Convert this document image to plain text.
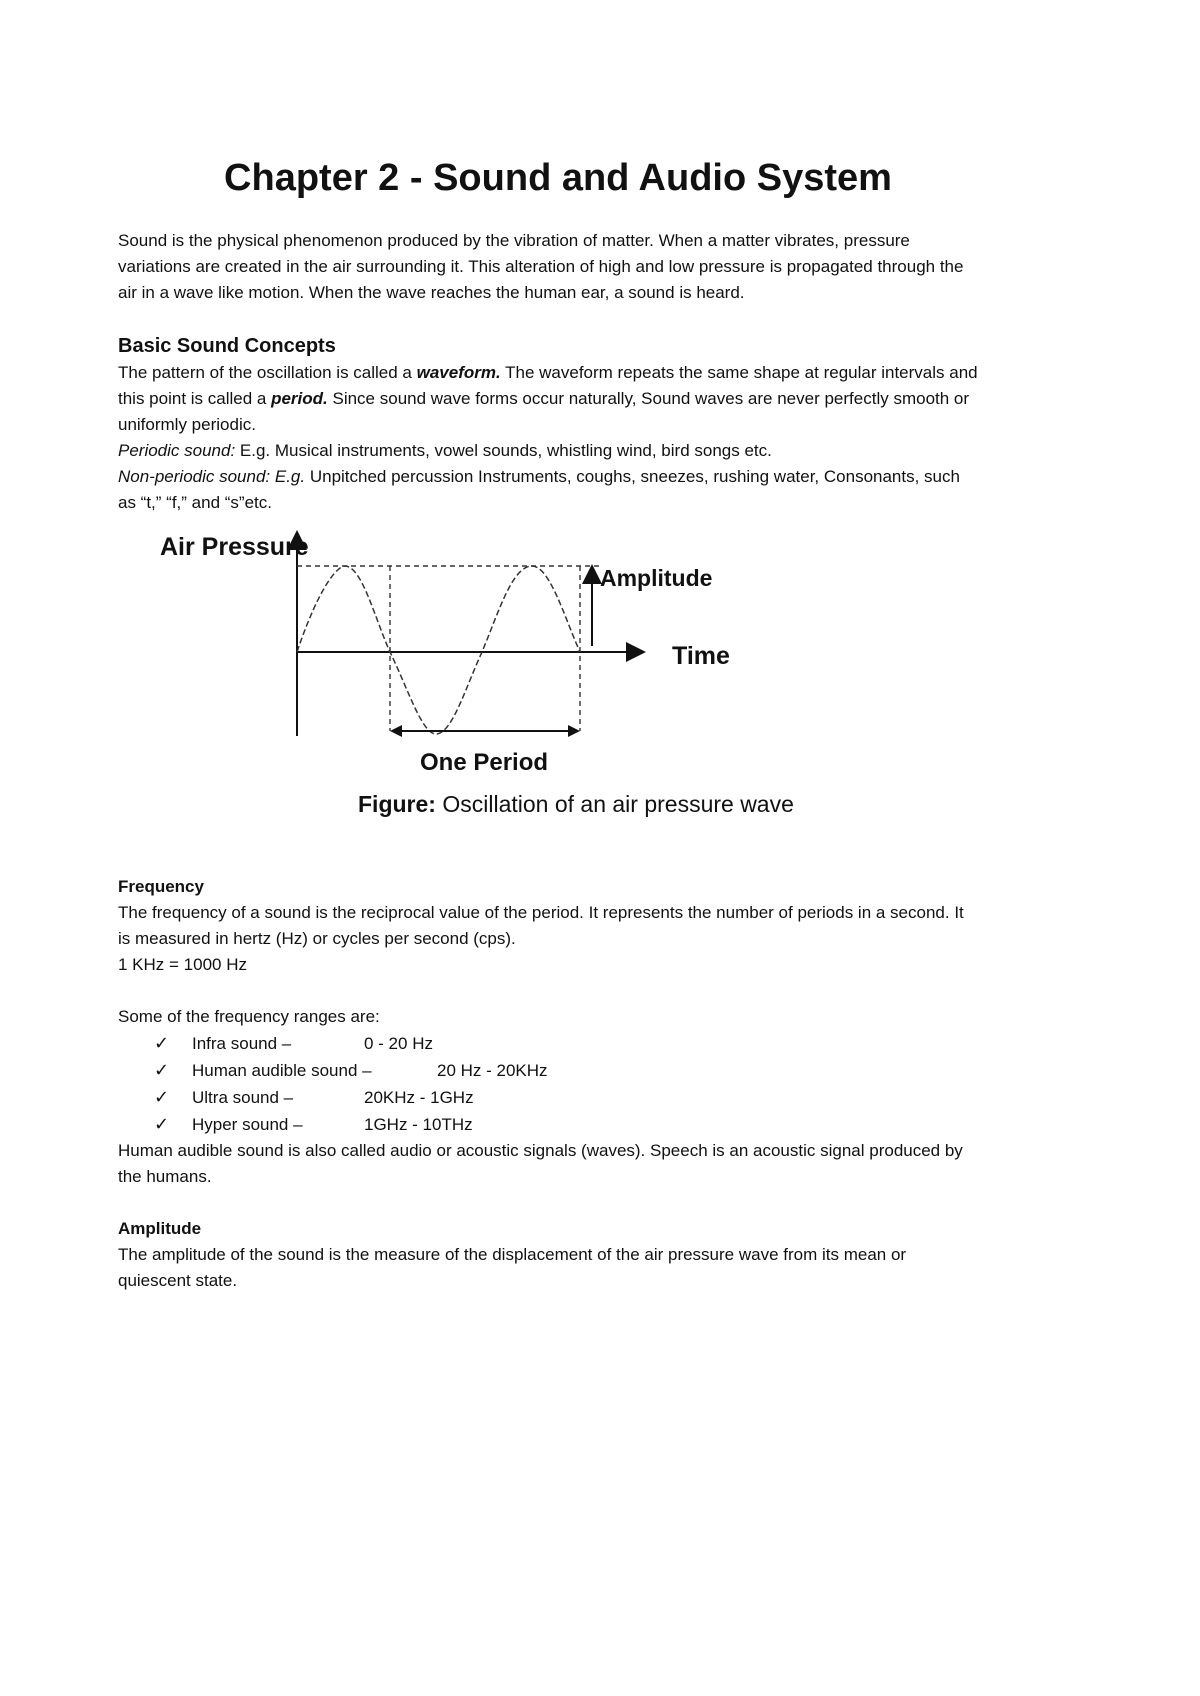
Chapter 2 - Sound and Audio System

Sound is the physical phenomenon produced by the vibration of matter. When a matter vibrates, pressure variations are created in the air surrounding it. This alteration of high and low pressure is propagated through the air in a wave like motion. When the wave reaches the human ear, a sound is heard.

Basic Sound Concepts

The pattern of the oscillation is called a waveform. The waveform repeats the same shape at regular intervals and this point is called a period. Since sound wave forms occur naturally, Sound waves are never perfectly smooth or uniformly periodic.

Periodic sound: E.g. Musical instruments, vowel sounds, whistling wind, bird songs etc.

Non-periodic sound: E.g. Unpitched percussion Instruments, coughs, sneezes, rushing water, Consonants, such as “t,” “f,” and “s”etc.

Air Pressure
Time
Amplitude
One Period
Figure: Oscillation of an air pressure wave
Frequency

The frequency of a sound is the reciprocal value of the period. It represents the number of periods in a second. It is measured in hertz (Hz) or cycles per second (cps).

1 KHz = 1000 Hz

Some of the frequency ranges are:

✓	Infra sound –	0 - 20 Hz
✓	Human audible sound –	20 Hz - 20KHz
✓	Ultra sound –	20KHz - 1GHz
✓	Hyper sound –	1GHz - 10THz

Human audible sound is also called audio or acoustic signals (waves). Speech is an acoustic signal produced by the humans.

Amplitude

The amplitude of the sound is the measure of the displacement of the air pressure wave from its mean or quiescent state.
